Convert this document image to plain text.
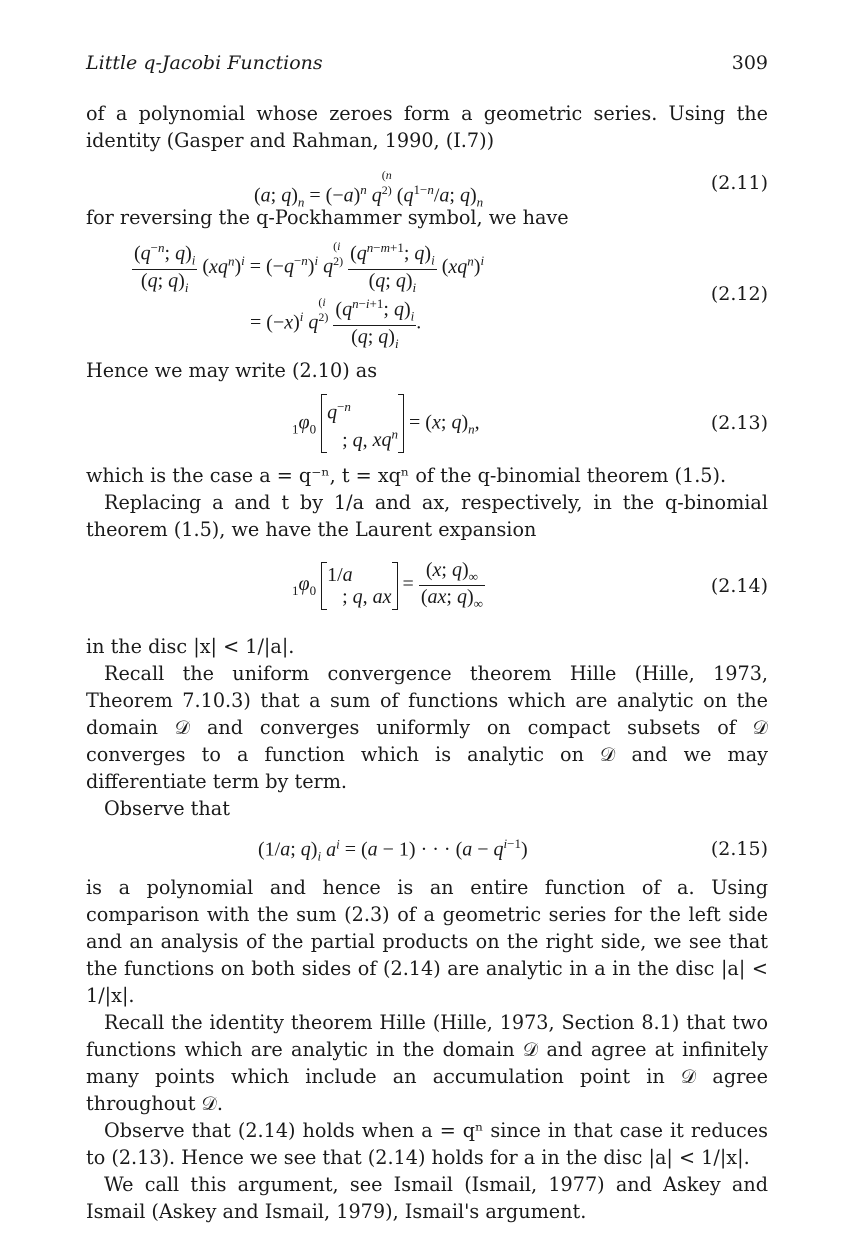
Little q-Jacobi Functions	309

of a polynomial whose zeroes form a geometric series. Using the identity (Gasper and Rahman, 1990, (I.7))

(a; $q)_n = (-a)^n$ q(n
2) ($q^{1-n}/a$; $q)_n$
(2.11)

for reversing the q-Pockhammer symbol, we have

$\frac{(q^{-n}; q)_i}{(q; q)_i} (xq^n)^i = (-q^{-n})^i$ q(i
$2) \frac{(q^{n-m+1}; q)_i}{(q; q)_i} (xq^n)^i$
= $(-x)^i$ q(i
$2) \frac{(q^{n-i+1}; q)_i}{(q; q)_i}$ .
(2.12)

Hence we may write (2.10) as

$_1\varphi_0$
$q^{-n}$
; q, $xq^n$
= (x; $q)_n$,	(2.13)

which is the case a = q⁻ⁿ, t = xqⁿ of the q-binomial theorem (1.5).

Replacing a and t by 1/a and ax, respectively, in the q-binomial theorem (1.5), we have the Laurent expansion

$_1\varphi_0$
1/a
; q, ax
= $\frac{(x; q)_\infty}{(ax; q)_\infty}$	(2.14)

in the disc |x| < 1/|a|.

Recall the uniform convergence theorem Hille (Hille, 1973, Theorem 7.10.3) that a sum of functions which are analytic on the domain 𝒟 and converges uniformly on compact subsets of 𝒟 converges to a function which is analytic on 𝒟 and we may differentiate term by term.

Observe that

(1/a; $q)_i$ $a^i = (a - 1)$ · · · $(a - q^{i-1})$	(2.15)

is a polynomial and hence is an entire function of a. Using comparison with the sum (2.3) of a geometric series for the left side and an analysis of the partial products on the right side, we see that the functions on both sides of (2.14) are analytic in a in the disc |a| < 1/|x|.

Recall the identity theorem Hille (Hille, 1973, Section 8.1) that two functions which are analytic in the domain 𝒟 and agree at infinitely many points which include an accumulation point in 𝒟 agree throughout 𝒟.

Observe that (2.14) holds when a = qⁿ since in that case it reduces to (2.13). Hence we see that (2.14) holds for a in the disc |a| < 1/|x|.

We call this argument, see Ismail (Ismail, 1977) and Askey and Ismail (Askey and Ismail, 1979), Ismail's argument.
